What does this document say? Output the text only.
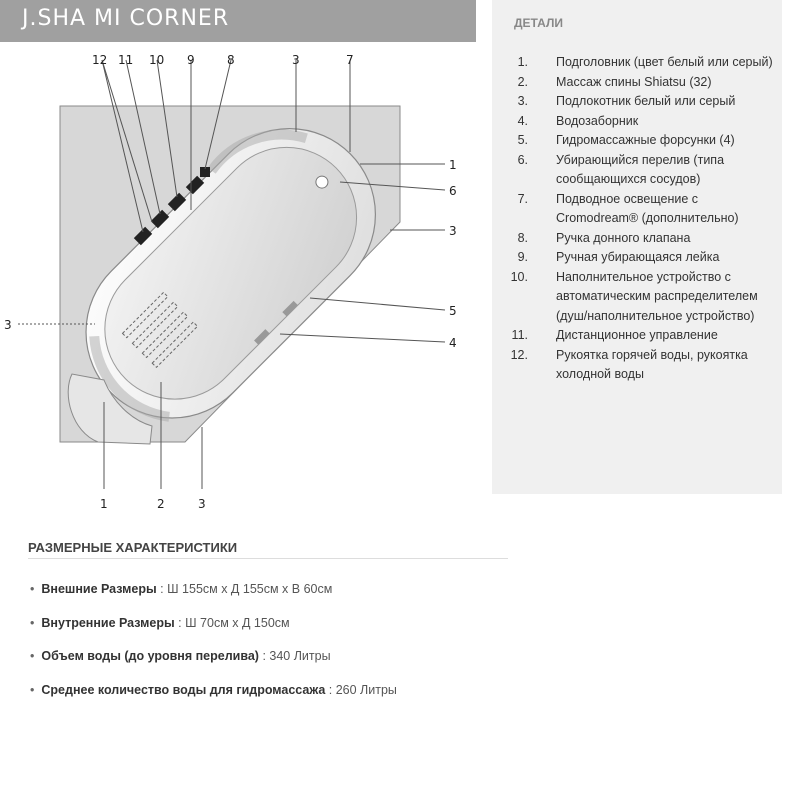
J.SHA MI CORNER	ДЕТАЛИ
1. Подголовник (цвет белый или серый)
2. Массаж спины Shiatsu (32)
3. Подлокотник белый или серый
4. Водозаборник
5. Гидромассажные форсунки (4)
6. Убирающийся перелив (типа сообщающихся сосудов)
7. Подводное освещение с Cromodream® (дополнительно)
8. Ручка донного клапана
9. Ручная убирающаяся лейка
10. Наполнительное устройство с автоматическим распределителем (душ/наполнительное устройство)
11. Дистанционное управление
12. Рукоятка горячей воды, рукоятка холодной воды
12 11 10 9	8	3	7
1
6
3
5
4
3
1	2	3
РАЗМЕРНЫЕ ХАРАКТЕРИСТИКИ
• Внешние Размеры : Ш 155см х Д 155см х В 60см
• Внутренние Размеры : Ш 70см х Д 150см
• Объем воды (до уровня перелива) : 340 Литры
• Среднее количество воды для гидромассажа : 260 Литры
